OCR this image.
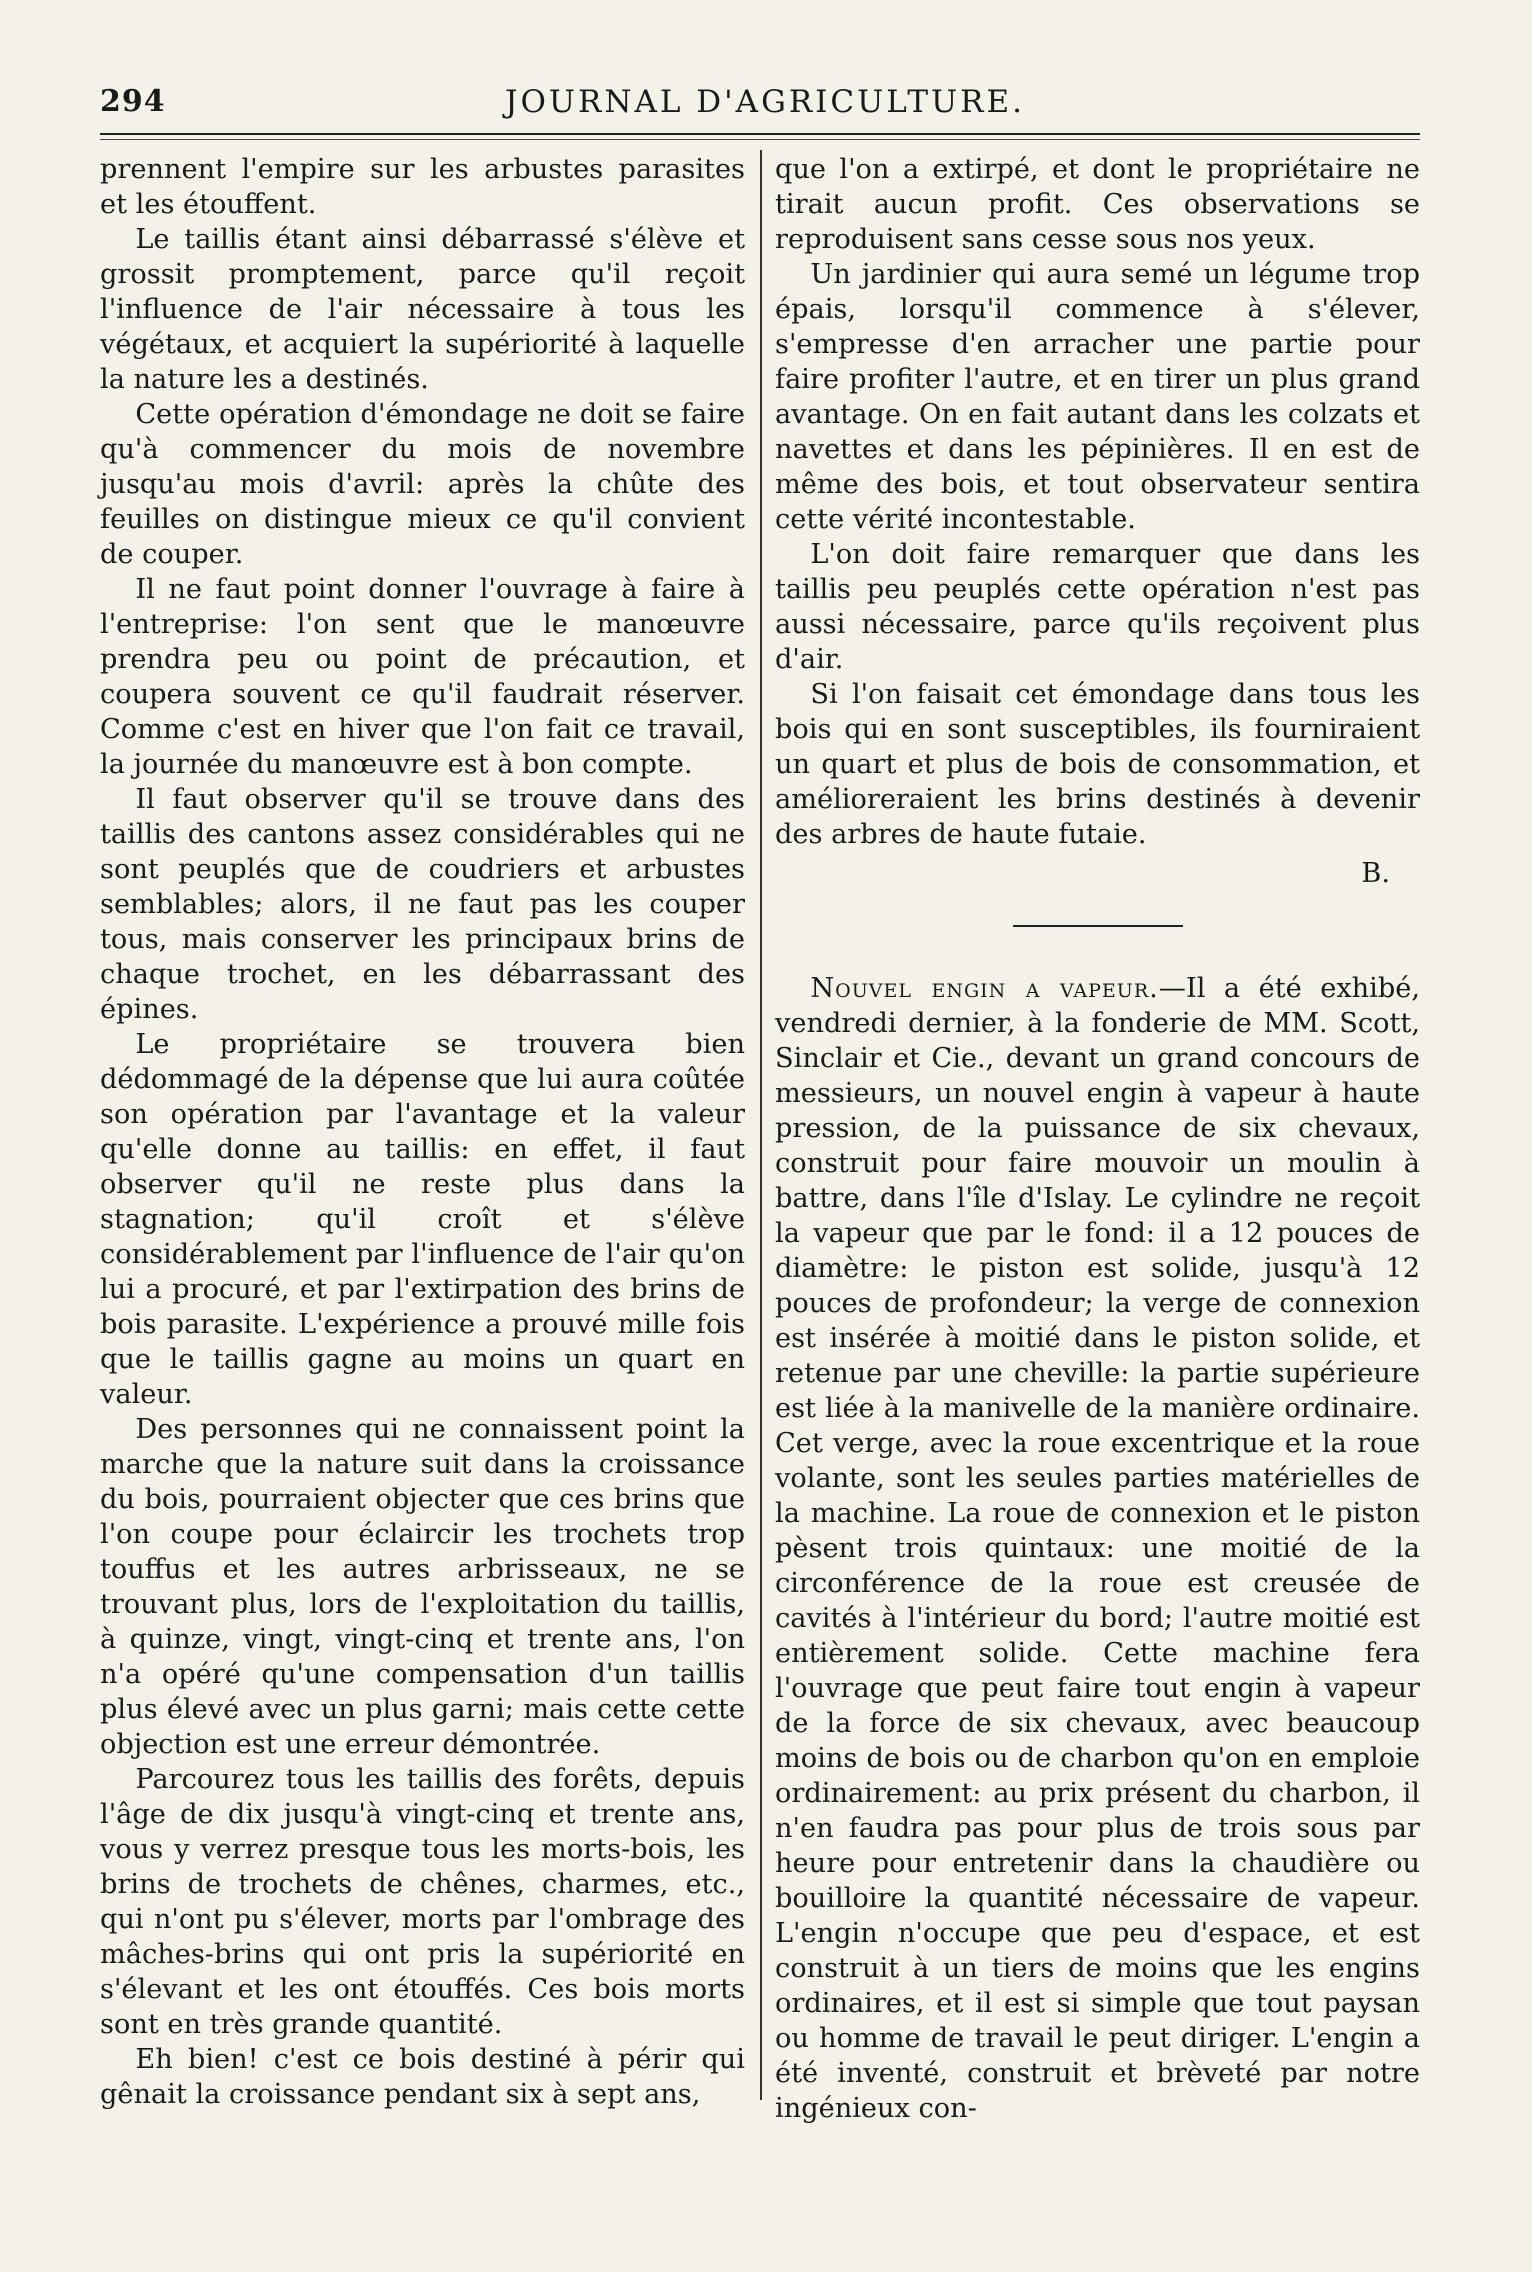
294	JOURNAL D'AGRICULTURE.

prennent l'empire sur les arbustes parasites et les étouffent.

Le taillis étant ainsi débarrassé s'élève et grossit promptement, parce qu'il reçoit l'influence de l'air nécessaire à tous les végétaux, et acquiert la supériorité à laquelle la nature les a destinés.

Cette opération d'émondage ne doit se faire qu'à commencer du mois de novembre jusqu'au mois d'avril: après la chûte des feuilles on distingue mieux ce qu'il convient de couper.

Il ne faut point donner l'ouvrage à faire à l'entreprise: l'on sent que le manœuvre prendra peu ou point de précaution, et coupera souvent ce qu'il faudrait réserver. Comme c'est en hiver que l'on fait ce travail, la journée du manœuvre est à bon compte.

Il faut observer qu'il se trouve dans des taillis des cantons assez considérables qui ne sont peuplés que de coudriers et arbustes semblables; alors, il ne faut pas les couper tous, mais conserver les principaux brins de chaque trochet, en les débarrassant des épines.

Le propriétaire se trouvera bien dédommagé de la dépense que lui aura coûtée son opération par l'avantage et la valeur qu'elle donne au taillis: en effet, il faut observer qu'il ne reste plus dans la stagnation; qu'il croît et s'élève considérablement par l'influence de l'air qu'on lui a procuré, et par l'extirpation des brins de bois parasite. L'expérience a prouvé mille fois que le taillis gagne au moins un quart en valeur.

Des personnes qui ne connaissent point la marche que la nature suit dans la croissance du bois, pourraient objecter que ces brins que l'on coupe pour éclaircir les trochets trop touffus et les autres arbrisseaux, ne se trouvant plus, lors de l'exploitation du taillis, à quinze, vingt, vingt-cinq et trente ans, l'on n'a opéré qu'une compensation d'un taillis plus élevé avec un plus garni; mais cette cette objection est une erreur démontrée.

Parcourez tous les taillis des forêts, depuis l'âge de dix jusqu'à vingt-cinq et trente ans, vous y verrez presque tous les morts-bois, les brins de trochets de chênes, charmes, etc., qui n'ont pu s'élever, morts par l'ombrage des mâches-brins qui ont pris la supériorité en s'élevant et les ont étouffés. Ces bois morts sont en très grande quantité.

Eh bien! c'est ce bois destiné à périr qui gênait la croissance pendant six à sept ans,

que l'on a extirpé, et dont le propriétaire ne tirait aucun profit. Ces observations se reproduisent sans cesse sous nos yeux.

Un jardinier qui aura semé un légume trop épais, lorsqu'il commence à s'élever, s'empresse d'en arracher une partie pour faire profiter l'autre, et en tirer un plus grand avantage. On en fait autant dans les colzats et navettes et dans les pépinières. Il en est de même des bois, et tout observateur sentira cette vérité incontestable.

L'on doit faire remarquer que dans les taillis peu peuplés cette opération n'est pas aussi nécessaire, parce qu'ils reçoivent plus d'air.

Si l'on faisait cet émondage dans tous les bois qui en sont susceptibles, ils fourniraient un quart et plus de bois de consommation, et amélioreraient les brins destinés à devenir des arbres de haute futaie.

B.

Nouvel engin a vapeur.—Il a été exhibé, vendredi dernier, à la fonderie de MM. Scott, Sinclair et Cie., devant un grand concours de messieurs, un nouvel engin à vapeur à haute pression, de la puissance de six chevaux, construit pour faire mouvoir un moulin à battre, dans l'île d'Islay. Le cylindre ne reçoit la vapeur que par le fond: il a 12 pouces de diamètre: le piston est solide, jusqu'à 12 pouces de profondeur; la verge de connexion est insérée à moitié dans le piston solide, et retenue par une cheville: la partie supérieure est liée à la manivelle de la manière ordinaire. Cet verge, avec la roue excentrique et la roue volante, sont les seules parties matérielles de la machine. La roue de connexion et le piston pèsent trois quintaux: une moitié de la circonférence de la roue est creusée de cavités à l'intérieur du bord; l'autre moitié est entièrement solide. Cette machine fera l'ouvrage que peut faire tout engin à vapeur de la force de six chevaux, avec beaucoup moins de bois ou de charbon qu'on en emploie ordinairement: au prix présent du charbon, il n'en faudra pas pour plus de trois sous par heure pour entretenir dans la chaudière ou bouilloire la quantité nécessaire de vapeur. L'engin n'occupe que peu d'espace, et est construit à un tiers de moins que les engins ordinaires, et il est si simple que tout paysan ou homme de travail le peut diriger. L'engin a été inventé, construit et brèveté par notre ingénieux con-
